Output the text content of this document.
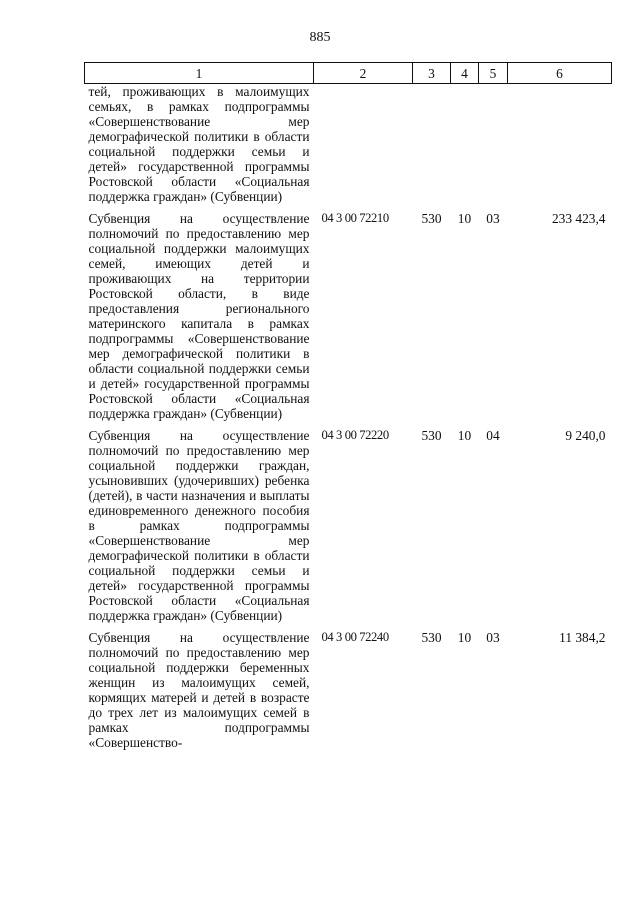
885
1	2	3	4	5	6
тей, проживающих в малоимущих семьях, в рамках подпрограммы «Совершенствованиe мер демографической политики в области социальной поддержки семьи и детей» государственной программы Ростовской области «Социальная поддержка граждан» (Субвенции)					
Субвенция на осуществление полномочий по предоставлению мер социальной поддержки малоимущих семей, имеющих детей и проживающих на территории Ростовской области, в виде предоставления регионального материнского капитала в рамках подпрограммы «Совершенствование мер демографической политики в области социальной поддержки семьи и детей» государственной программы Ростовской области «Социальная поддержка граждан» (Субвенции)	04 3 00 72210	530	10	03	233 423,4
Субвенция на осуществление полномочий по предоставлению мер социальной поддержки граждан, усыновивших (удочеривших) ребенка (детей), в части назначения и выплаты единовременного денежного пособия в рамках подпрограммы «Совершенствование мер демографической политики в области социальной поддержки семьи и детей» государственной программы Ростовской области «Социальная поддержка граждан» (Субвенции)	04 3 00 72220	530	10	04	9 240,0
Субвенция на осуществление полномочий по предоставлению мер социальной поддержки беременных женщин из малоимущих семей, кормящих матерей и детей в возрасте до трех лет из малоимущих семей в рамках подпрограммы «Совершенство-	04 3 00 72240	530	10	03	11 384,2
